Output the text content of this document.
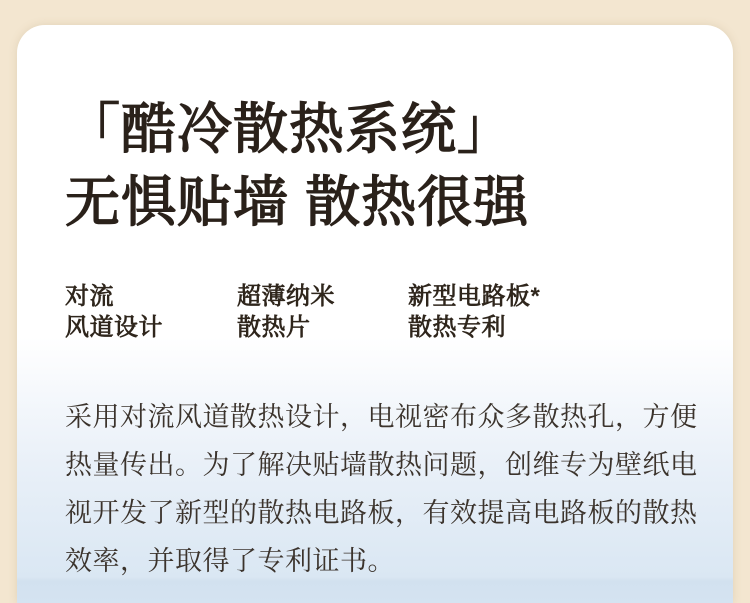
「酷冷散热系统」
无惧贴墙 散热很强
对流
风道设计
超薄纳米
散热片
新型电路板*
散热专利

采用对流风道散热设计，电视密布众多散热孔，方便
热量传出。为了解决贴墙散热问题，创维专为壁纸电
视开发了新型的散热电路板，有效提高电路板的散热
效率，并取得了专利证书。
